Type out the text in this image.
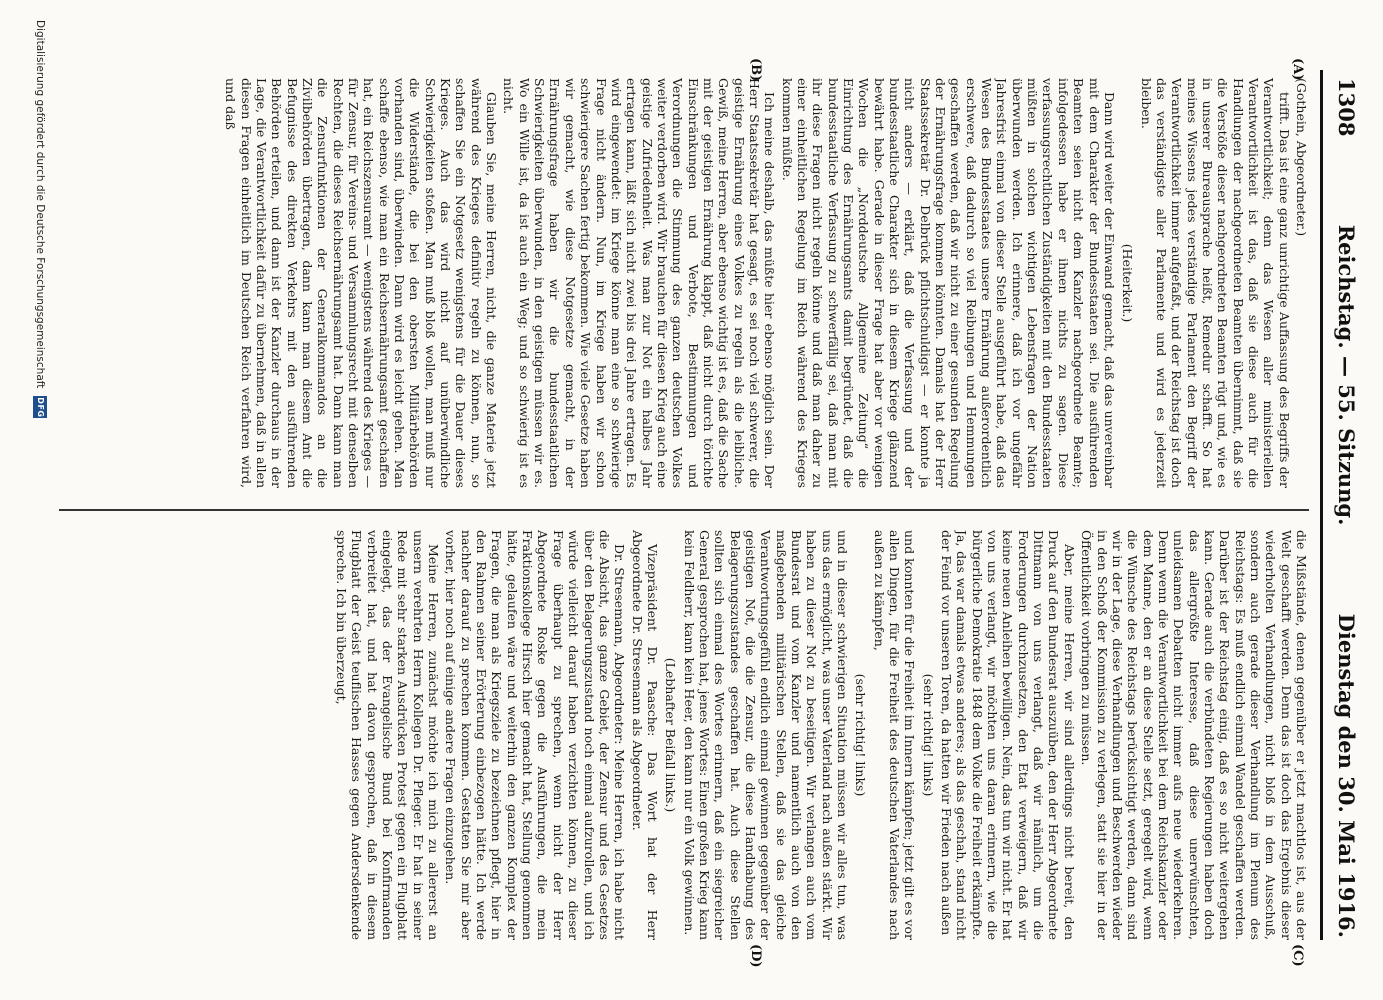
1308
Reichstag. — 55. Sitzung.
Dienstag den 30. Mai 1916.
(A)
(B)
(C)
(D)

(Gothein, Abgeordneter.)

trifft. Das ist eine ganz unrichtige Auffassung des Begriffs der Verantwortlichkeit; denn das Wesen aller ministeriellen Verantwortlichkeit ist das, daß sie diese auch für die Handlungen der nachgeordneten Beamten übernimmt, daß sie die Verstöße dieser nachgeordneten Beamten rügt und, wie es in unserer Bureausprache heißt, Remedur schafft. So hat meines Wissens jedes verständige Parlament den Begriff der Verantwortlichkeit immer aufgefaßt, und der Reichstag ist doch das verständigste aller Parlamente und wird es jederzeit bleiben.

(Heiterkeit.)

Dann wird weiter der Einwand gemacht, daß das unvereinbar mit dem Charakter der Bundesstaaten sei. Die ausführenden Beamten seien nicht dem Kanzler nachgeordnete Beamte; infolgedessen habe er ihnen nichts zu sagen. Diese verfassungsrechtlichen Zuständigkeiten mit den Bundesstaaten müßten in solchen wichtigen Lebensfragen der Nation überwunden werden. Ich erinnere, daß ich vor ungefähr Jahresfrist einmal von dieser Stelle ausgeführt habe, daß das Wesen des Bundesstaates unsere Ernährung außerordentlich erschwere, daß dadurch so viel Reibungen und Hemmungen geschaffen werden, daß wir nicht zu einer gesunden Regelung der Ernährungsfrage kommen könnten. Damals hat der Herr Staatssekretär Dr. Delbrück pflichtschuldigst — er konnte ja nicht anders — erklärt, daß die Verfassung und der bundesstaatliche Charakter sich in diesem Kriege glänzend bewährt habe. Gerade in dieser Frage hat aber vor wenigen Wochen die „Norddeutsche Allgemeine Zeitung“ die Einrichtung des Ernährungsamts damit begründet, daß die bundesstaatliche Verfassung zu schwerfällig sei, daß man mit ihr diese Fragen nicht regeln könne und daß man daher zu einer einheitlichen Regelung im Reich während des Krieges kommen müßte.

Ich meine deshalb, das müßte hier ebenso möglich sein. Der Herr Staatssekretär hat gesagt, es sei noch viel schwerer, die geistige Ernährung eines Volkes zu regeln als die leibliche. Gewiß, meine Herren, aber ebenso wichtig ist es, daß die Sache mit der geistigen Ernährung klappt, daß nicht durch törichte Einschränkungen und Verbote, Bestimmungen und Verordnungen die Stimmung des ganzen deutschen Volkes weiter verdorben wird. Wir brauchen für diesen Krieg auch eine geistige Zufriedenheit. Was man zur Not ein halbes Jahr ertragen kann, läßt sich nicht zwei bis drei Jahre ertragen. Es wird eingewendet: im Kriege könne man eine so schwierige Frage nicht ändern. Nun, im Kriege haben wir schon schwierigere Sachen fertig bekommen. Wie viele Gesetze haben wir gemacht, wie diese Notgesetze gemacht, in der Ernährungsfrage haben wir die bundesstaatlichen Schwierigkeiten überwunden, in den geistigen müssen wir es. Wo ein Wille ist, da ist auch ein Weg; und so schwierig ist es nicht.

Glauben Sie, meine Herren, nicht, die ganze Materie jetzt während des Krieges definitiv regeln zu können, nun, so schaffen Sie ein Notgesetz wenigstens für die Dauer dieses Krieges. Auch das wird nicht auf unüberwindliche Schwierigkeiten stoßen. Man muß bloß wollen, man muß nur die Widerstände, die bei den obersten Militärbehörden vorhanden sind, überwinden. Dann wird es leicht gehen. Man schaffe ebenso, wie man ein Reichsernährungsamt geschaffen hat, ein Reichszensuramt — wenigstens während des Krieges — für Zensur, für Vereins- und Versammlungsrecht mit denselben Rechten, die dieses Reichsernährungsamt hat. Dann kann man die Zensurfunktionen der Generalkommandos an die Zivilbehörden übertragen, dann kann man diesem Amt die Befugnisse des direkten Verkehrs mit den ausführenden Behörden erteilen, und dann ist der Kanzler durchaus in der Lage, die Verantwortlichkeit dafür zu übernehmen, daß in allen diesen Fragen einheitlich im Deutschen Reich verfahren wird, und daß

die Mißstände, denen gegenüber er jetzt machtlos ist, aus der Welt geschafft werden. Denn das ist doch das Ergebnis dieser wiederholten Verhandlungen, nicht bloß in dem Ausschuß, sondern auch gerade dieser Verhandlung im Plenum des Reichstags: Es muß endlich einmal Wandel geschaffen werden. Darüber ist der Reichstag einig, daß es so nicht weitergehen kann. Gerade auch die verbündeten Regierungen haben doch das allergrößte Interesse, daß diese unerwünschten, unleidsamen Debatten nicht immer aufs neue wiederkehren. Denn wenn die Verantwortlichkeit bei dem Reichskanzler oder dem Manne, den er an diese Stelle setzt, geregelt wird, wenn die Wünsche des Reichstags berücksichtigt werden, dann sind wir in der Lage, diese Verhandlungen und Beschwerden wieder in den Schoß der Kommission zu verlegen, statt sie hier in der Öffentlichkeit vorbringen zu müssen.

Aber, meine Herren, wir sind allerdings nicht bereit, den Druck auf den Bundesrat auszuüben, den der Herr Abgeordnete Dittmann von uns verlangt, daß wir nämlich, um die Forderungen durchzusetzen, den Etat verweigern, daß wir keine neuen Anleihen bewilligen. Nein, das tun wir nicht. Er hat von uns verlangt, wir möchten uns daran erinnern, wie die bürgerliche Demokratie 1848 dem Volke die Freiheit erkämpfte. Ja, das war damals etwas anderes; als das geschah, stand nicht der Feind vor unseren Toren, da hatten wir Frieden nach außen

(sehr richtig! links)

und konnten für die Freiheit im Innern kämpfen; jetzt gilt es vor allen Dingen, für die Freiheit des deutschen Vaterlandes nach außen zu kämpfen,

(sehr richtig! links)

und in dieser schwierigen Situation müssen wir alles tun, was uns das ermöglicht, was unser Vaterland nach außen stärkt. Wir haben zu dieser Not zu beseitigen. Wir verlangen auch vom Bundesrat und vom Kanzler und namentlich auch von den maßgebenden militärischen Stellen, daß sie das gleiche Verantwortungsgefühl endlich einmal gewinnen gegenüber der geistigen Not, die die Zensur, die diese Handhabung des Belagerungszustandes geschaffen hat. Auch diese Stellen sollten sich einmal des Wortes erinnern, daß ein siegreicher General gesprochen hat, jenes Wortes: Einen großen Krieg kann kein Feldherr, kann kein Heer, den kann nur ein Volk gewinnen.

(Lebhafter Beifall links.)

Vizepräsident Dr. Paasche: Das Wort hat der Herr Abgeordnete Dr. Stresemann als Abgeordneter.

Dr. Stresemann, Abgeordneter: Meine Herren, ich habe nicht die Absicht, das ganze Gebiet, der Zensur und des Gesetzes über den Belagerungszustand noch einmal aufzurollen, und ich würde vielleicht darauf haben verzichten können, zu dieser Frage überhaupt zu sprechen, wenn nicht der Herr Abgeordnete Roske gegen die Ausführungen, die mein Fraktionskollege Hirsch hier gemacht hat, Stellung genommen hätte, gelaufen wäre und weiterhin den ganzen Komplex der Fragen, die man als Kriegsziele zu bezeichnen pflegt, hier in den Rahmen seiner Erörterung einbezogen hätte. Ich werde nachher darauf zu sprechen kommen. Gestatten Sie mir aber vorher, hier noch auf einige andere Fragen einzugehen.

Meine Herren, zunächst möchte ich mich zu allererst an unsern verehrten Herrn Kollegen Dr. Pfleger. Er hat in seiner Rede mit sehr starken Ausdrücken Protest gegen ein Flugblatt eingelegt, das der Evangelische Bund bei Konfirmanden verbreitet hat, und hat davon gesprochen, daß in diesem Flugblatt der Geist teuflischen Hasses gegen Andersdenkende spreche. Ich bin überzeugt,

Digitalisierung gefördert durch die Deutsche Forschungsgemeinschaft
DFG
